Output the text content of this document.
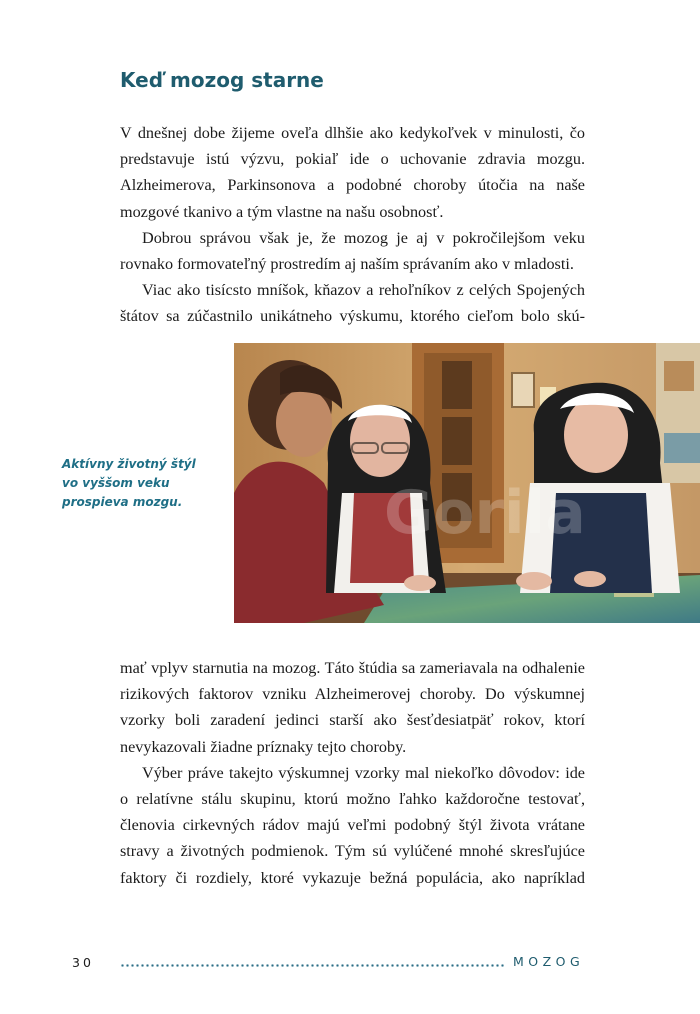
Keď mozog starne

V dnešnej dobe žijeme oveľa dlhšie ako kedykoľvek v minulosti, čo predstavuje istú výzvu, pokiaľ ide o uchovanie zdravia mozgu. Alzheimerova, Parkinsonova a podobné choroby útočia na naše mozgové tkanivo a tým vlastne na našu osobnosť.

Dobrou správou však je, že mozog je aj v pokročilejšom veku rovnako formovateľný prostredím aj naším správaním ako v mladosti.

Viac ako tisícsto mníšok, kňazov a rehoľníkov z celých Spojených štátov sa zúčastnilo unikátneho výskumu, ktorého cieľom bolo skú-

Aktívny životný štýl vo vyššom veku prospieva mozgu.	Gorila

mať vplyv starnutia na mozog. Táto štúdia sa zameriavala na odhalenie rizikových faktorov vzniku Alzheimerovej choroby. Do výskumnej vzorky boli zaradení jedinci starší ako šesťdesiatpäť rokov, ktorí nevykazovali žiadne príznaky tejto choroby.

Výber práve takejto výskumnej vzorky mal niekoľko dôvodov: ide o relatívne stálu skupinu, ktorú možno ľahko každoročne testovať, členovia cirkevných rádov majú veľmi podobný štýl života vrátane stravy a životných podmienok. Tým sú vylúčené mnohé skresľujúce faktory či rozdiely, ktoré vykazuje bežná populácia, ako napríklad

30	MOZOG
